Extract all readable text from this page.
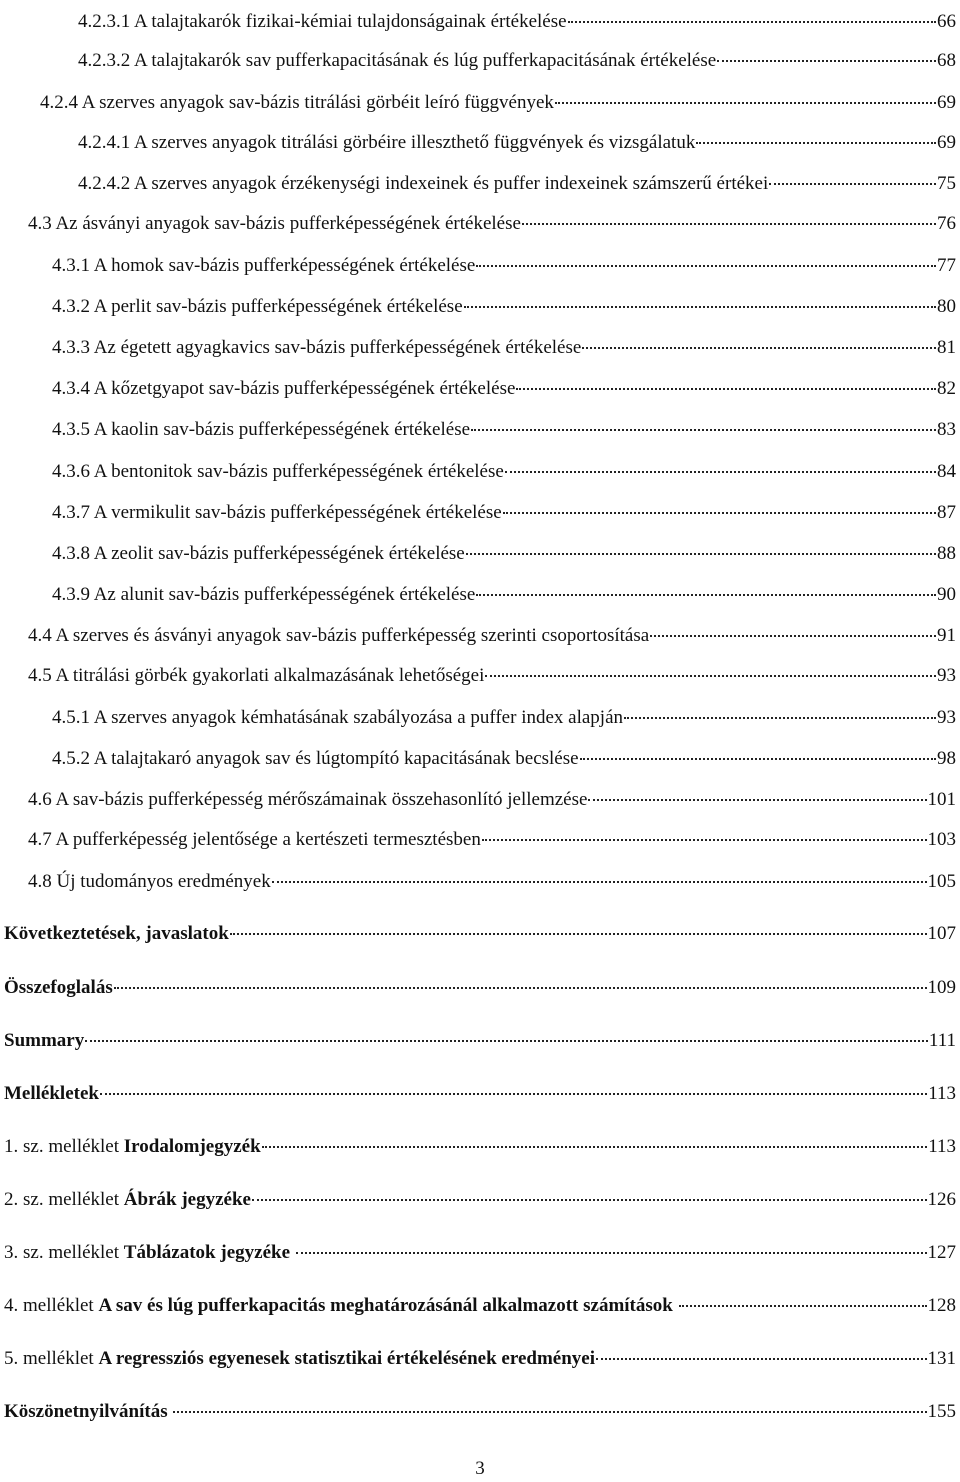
4.2.3.1 A talajtakarók fizikai-kémiai tulajdonságainak értékelése	66
4.2.3.2 A talajtakarók sav pufferkapacitásának és lúg pufferkapacitásának értékelése	68
4.2.4 A szerves anyagok sav-bázis titrálási görbéit leíró függvények	69
4.2.4.1 A szerves anyagok titrálási görbéire illeszthető függvények és vizsgálatuk	69
4.2.4.2 A szerves anyagok érzékenységi indexeinek és puffer indexeinek számszerű értékei	75
4.3 Az ásványi anyagok sav-bázis pufferképességének értékelése	76
4.3.1 A homok sav-bázis pufferképességének értékelése	77
4.3.2 A perlit sav-bázis pufferképességének értékelése	80
4.3.3 Az égetett agyagkavics sav-bázis pufferképességének értékelése	81
4.3.4 A kőzetgyapot sav-bázis pufferképességének értékelése	82
4.3.5 A kaolin sav-bázis pufferképességének értékelése	83
4.3.6 A bentonitok sav-bázis pufferképességének értékelése	84
4.3.7 A vermikulit sav-bázis pufferképességének értékelése	87
4.3.8 A zeolit sav-bázis pufferképességének értékelése	88
4.3.9 Az alunit sav-bázis pufferképességének értékelése	90
4.4 A szerves és ásványi anyagok sav-bázis pufferképesség szerinti csoportosítása	91
4.5 A titrálási görbék gyakorlati alkalmazásának lehetőségei	93
4.5.1 A szerves anyagok kémhatásának szabályozása a puffer index alapján	93
4.5.2 A talajtakaró anyagok sav és lúgtompító kapacitásának becslése	98
4.6 A sav-bázis pufferképesség mérőszámainak összehasonlító jellemzése	101
4.7 A pufferképesség jelentősége a kertészeti termesztésben	103
4.8 Új tudományos eredmények	105
Következtetések, javaslatok	107
Összefoglalás	109
Summary	111
Mellékletek	113
1. sz. melléklet Irodalomjegyzék	113
2. sz. melléklet Ábrák jegyzéke	126
3. sz. melléklet Táblázatok jegyzéke	127
4. melléklet A sav és lúg pufferkapacitás meghatározásánál alkalmazott számítások	128
5. melléklet A regressziós egyenesek statisztikai értékelésének eredményei	131
Köszönetnyilvánítás	155
3
